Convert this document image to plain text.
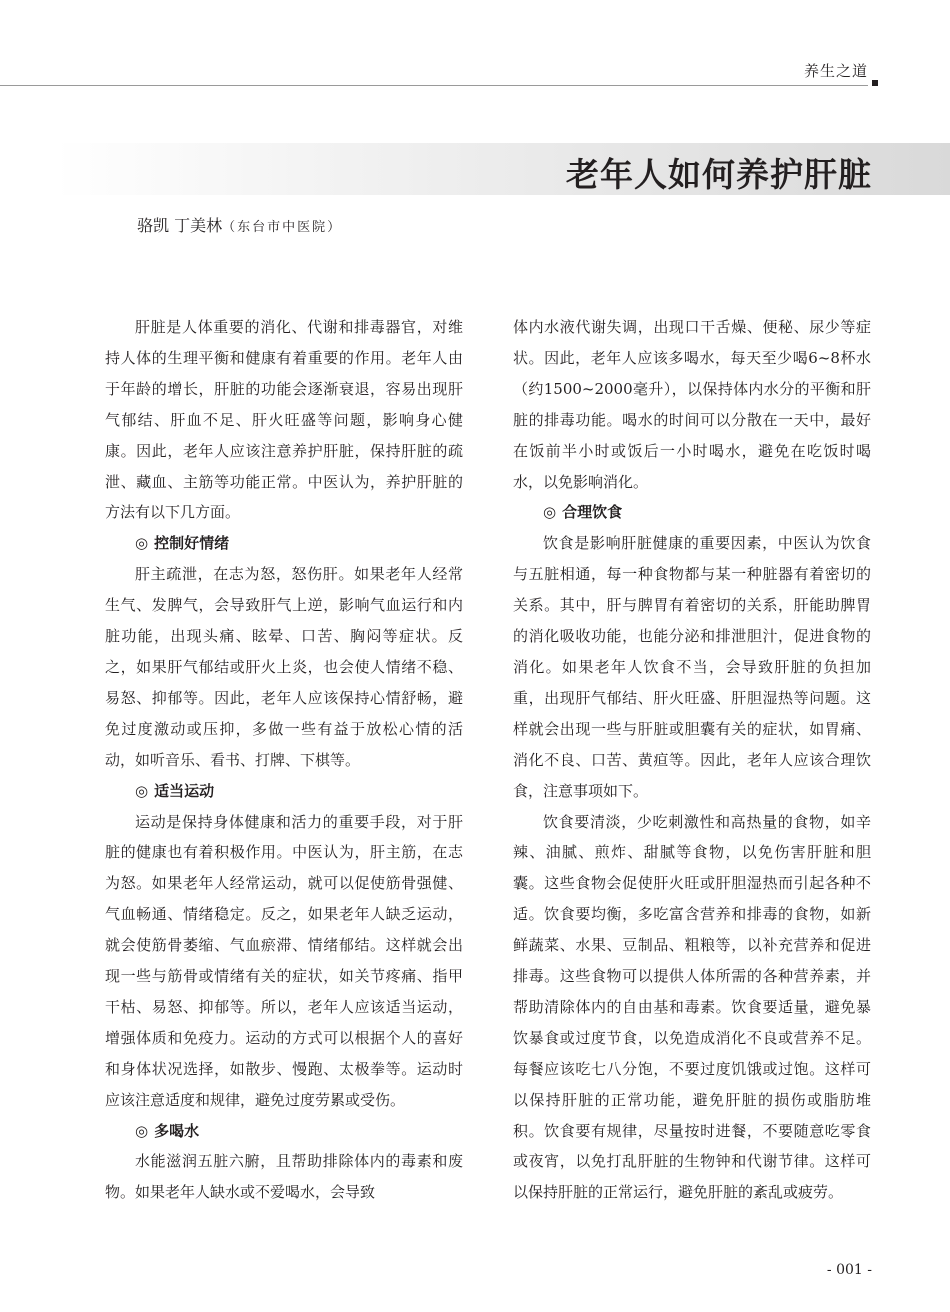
养生之道
老年人如何养护肝脏
骆凯 丁美林（东台市中医院）

肝脏是人体重要的消化、代谢和排毒器官，对维持人体的生理平衡和健康有着重要的作用。老年人由于年龄的增长，肝脏的功能会逐渐衰退，容易出现肝气郁结、肝血不足、肝火旺盛等问题，影响身心健康。因此，老年人应该注意养护肝脏，保持肝脏的疏泄、藏血、主筋等功能正常。中医认为，养护肝脏的方法有以下几方面。

◎ 控制好情绪

肝主疏泄，在志为怒，怒伤肝。如果老年人经常生气、发脾气，会导致肝气上逆，影响气血运行和内脏功能，出现头痛、眩晕、口苦、胸闷等症状。反之，如果肝气郁结或肝火上炎，也会使人情绪不稳、易怒、抑郁等。因此，老年人应该保持心情舒畅，避免过度激动或压抑，多做一些有益于放松心情的活动，如听音乐、看书、打牌、下棋等。

◎ 适当运动

运动是保持身体健康和活力的重要手段，对于肝脏的健康也有着积极作用。中医认为，肝主筋，在志为怒。如果老年人经常运动，就可以促使筋骨强健、气血畅通、情绪稳定。反之，如果老年人缺乏运动，就会使筋骨萎缩、气血瘀滞、情绪郁结。这样就会出现一些与筋骨或情绪有关的症状，如关节疼痛、指甲干枯、易怒、抑郁等。所以，老年人应该适当运动，增强体质和免疫力。运动的方式可以根据个人的喜好和身体状况选择，如散步、慢跑、太极拳等。运动时应该注意适度和规律，避免过度劳累或受伤。

◎ 多喝水

水能滋润五脏六腑，且帮助排除体内的毒素和废物。如果老年人缺水或不爱喝水，会导致

体内水液代谢失调，出现口干舌燥、便秘、尿少等症状。因此，老年人应该多喝水，每天至少喝6~8杯水（约1500~2000毫升），以保持体内水分的平衡和肝脏的排毒功能。喝水的时间可以分散在一天中，最好在饭前半小时或饭后一小时喝水，避免在吃饭时喝水，以免影响消化。

◎ 合理饮食

饮食是影响肝脏健康的重要因素，中医认为饮食与五脏相通，每一种食物都与某一种脏器有着密切的关系。其中，肝与脾胃有着密切的关系，肝能助脾胃的消化吸收功能，也能分泌和排泄胆汁，促进食物的消化。如果老年人饮食不当，会导致肝脏的负担加重，出现肝气郁结、肝火旺盛、肝胆湿热等问题。这样就会出现一些与肝脏或胆囊有关的症状，如胃痛、消化不良、口苦、黄疸等。因此，老年人应该合理饮食，注意事项如下。

饮食要清淡，少吃刺激性和高热量的食物，如辛辣、油腻、煎炸、甜腻等食物，以免伤害肝脏和胆囊。这些食物会促使肝火旺或肝胆湿热而引起各种不适。饮食要均衡，多吃富含营养和排毒的食物，如新鲜蔬菜、水果、豆制品、粗粮等，以补充营养和促进排毒。这些食物可以提供人体所需的各种营养素，并帮助清除体内的自由基和毒素。饮食要适量，避免暴饮暴食或过度节食，以免造成消化不良或营养不足。每餐应该吃七八分饱，不要过度饥饿或过饱。这样可以保持肝脏的正常功能，避免肝脏的损伤或脂肪堆积。饮食要有规律，尽量按时进餐，不要随意吃零食或夜宵，以免打乱肝脏的生物钟和代谢节律。这样可以保持肝脏的正常运行，避免肝脏的紊乱或疲劳。

- 001 -
